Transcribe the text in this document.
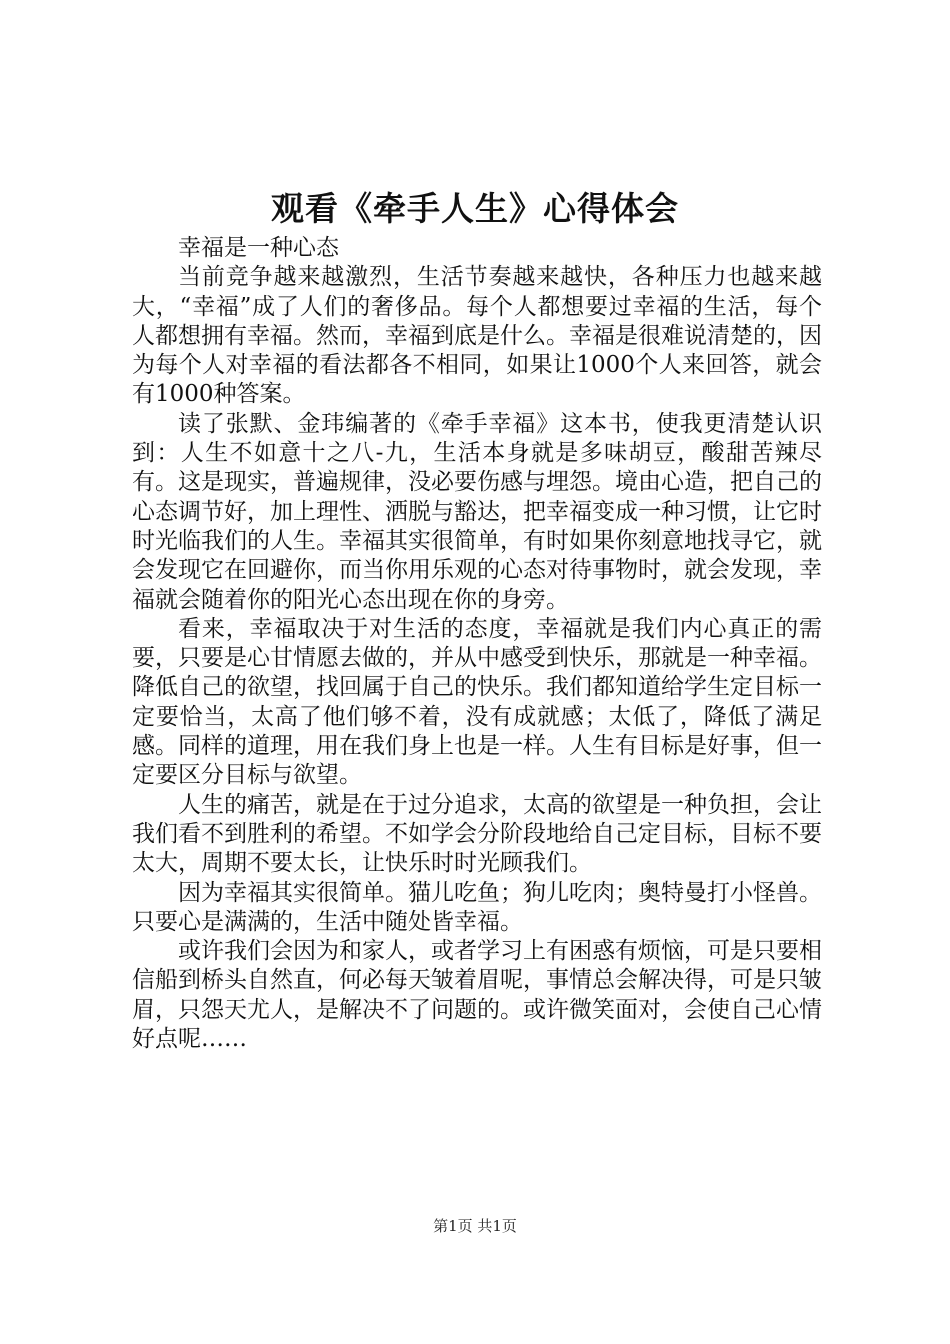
观看《牵手人生》心得体会

幸福是一种心态

当前竞争越来越激烈，生活节奏越来越快，各种压力也越来越大，“幸福”成了人们的奢侈品。每个人都想要过幸福的生活，每个人都想拥有幸福。然而，幸福到底是什么。幸福是很难说清楚的，因为每个人对幸福的看法都各不相同，如果让1000个人来回答，就会有1000种答案。

读了张默、金玮编著的《牵手幸福》这本书，使我更清楚认识到：人生不如意十之八-九，生活本身就是多味胡豆，酸甜苦辣尽有。这是现实，普遍规律，没必要伤感与埋怨。境由心造，把自己的心态调节好，加上理性、洒脱与豁达，把幸福变成一种习惯，让它时时光临我们的人生。幸福其实很简单，有时如果你刻意地找寻它，就会发现它在回避你，而当你用乐观的心态对待事物时，就会发现，幸福就会随着你的阳光心态出现在你的身旁。

看来，幸福取决于对生活的态度，幸福就是我们内心真正的需要，只要是心甘情愿去做的，并从中感受到快乐，那就是一种幸福。降低自己的欲望，找回属于自己的快乐。我们都知道给学生定目标一定要恰当，太高了他们够不着，没有成就感；太低了，降低了满足感。同样的道理，用在我们身上也是一样。人生有目标是好事，但一定要区分目标与欲望。

人生的痛苦，就是在于过分追求，太高的欲望是一种负担，会让我们看不到胜利的希望。不如学会分阶段地给自己定目标，目标不要太大，周期不要太长，让快乐时时光顾我们。

因为幸福其实很简单。猫儿吃鱼；狗儿吃肉；奥特曼打小怪兽。只要心是满满的，生活中随处皆幸福。

或许我们会因为和家人，或者学习上有困惑有烦恼，可是只要相信船到桥头自然直，何必每天皱着眉呢，事情总会解决得，可是只皱眉，只怨天尤人，是解决不了问题的。或许微笑面对，会使自己心情好点呢……

第1页 共1页
